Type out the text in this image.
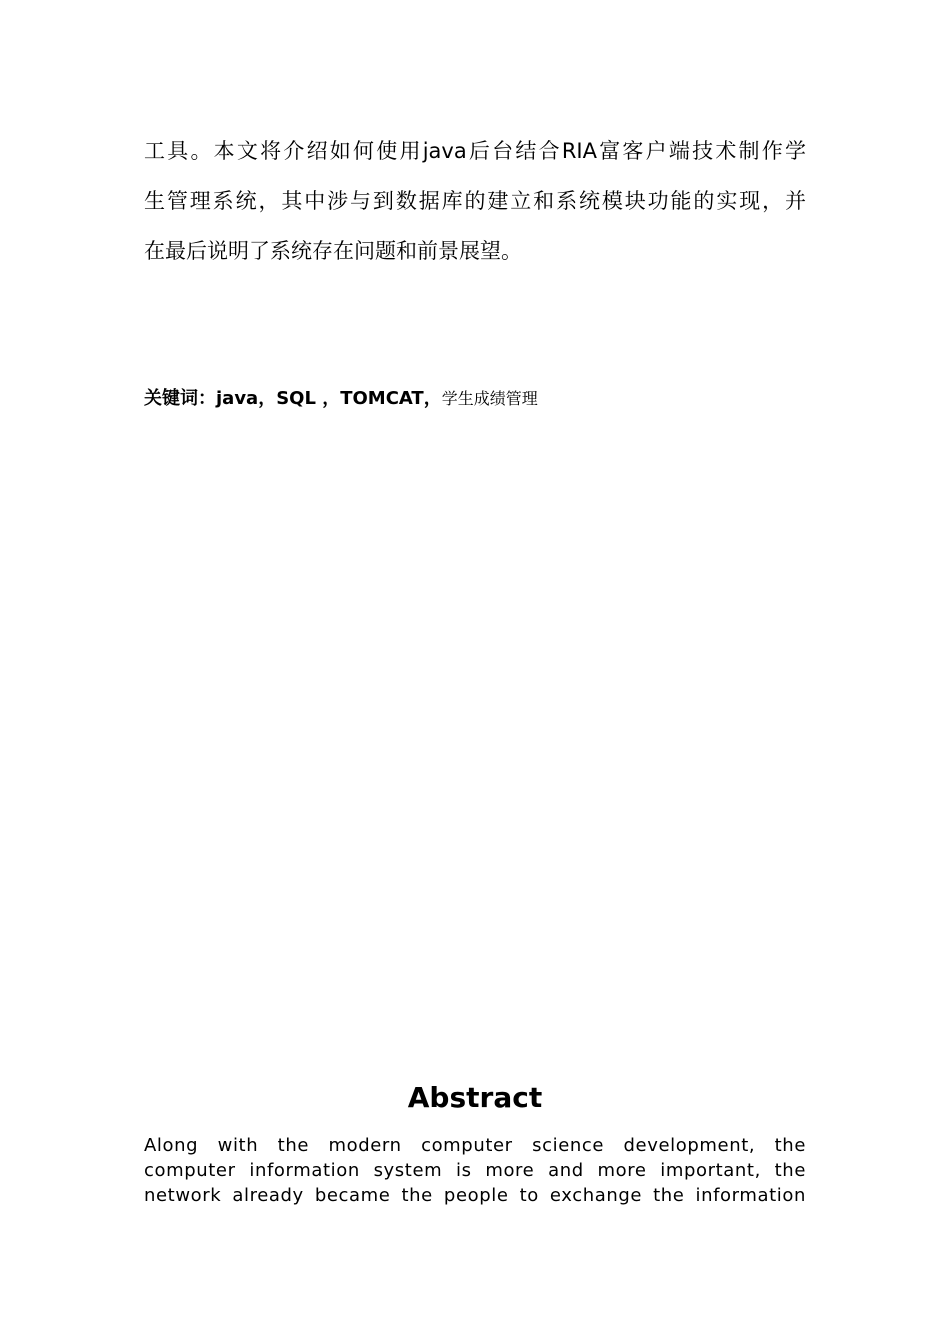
工具。本文将介绍如何使用java后台结合RIA富客户端技术制作学
生管理系统，其中涉与到数据库的建立和系统模块功能的实现，并
在最后说明了系统存在问题和前景展望。

关键词：java，SQL ，TOMCAT，学生成绩管理

Abstract
Along with the modern computer science development, the
computer information system is more and more important, the
network already became the people to exchange the information
